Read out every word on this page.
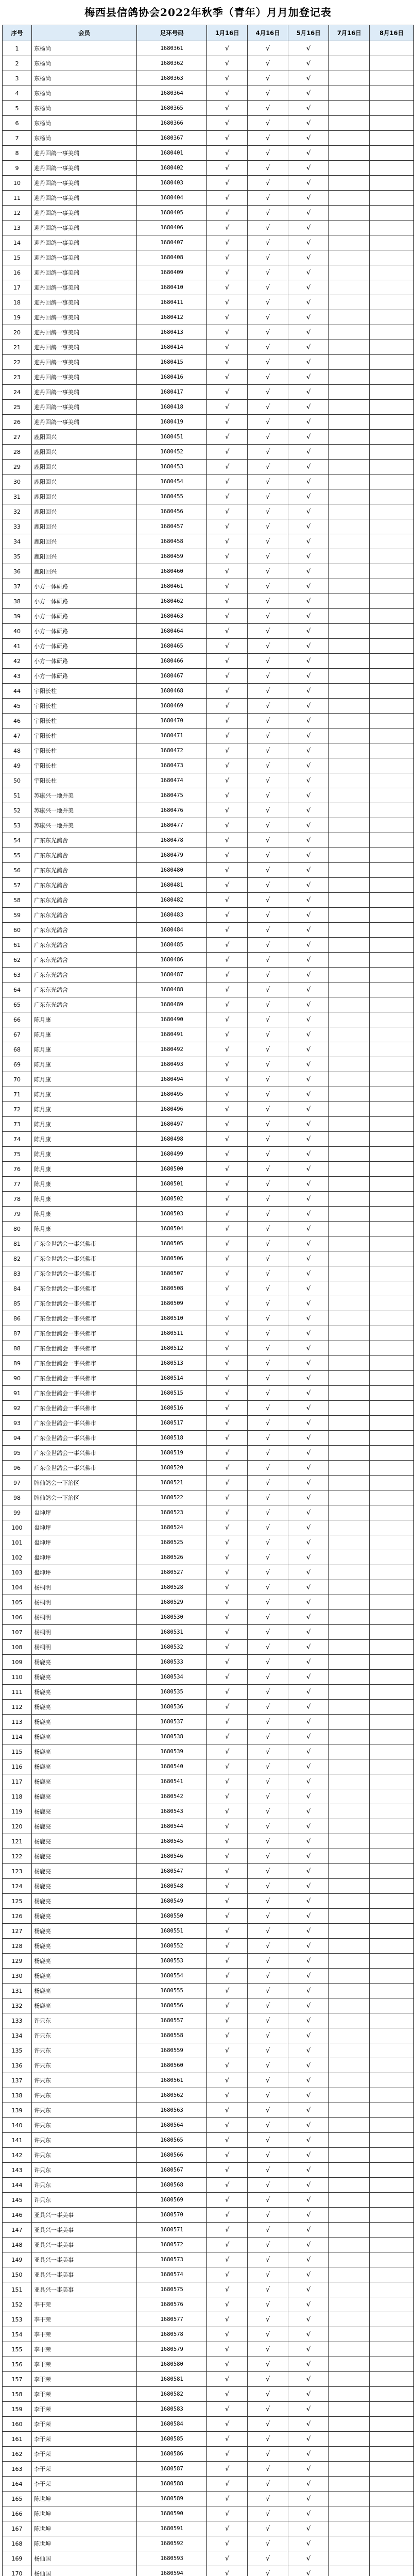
梅西县信鸽协会2022年秋季（青年）月月加登记表
序号	会员	足环号码	1月16日	4月16日	5月16日	7月16日	8月16日
1	东杨尚	1680361	√	√	√		
2	东杨尚	1680362	√	√	√		
3	东杨尚	1680363	√	√	√		
4	东杨尚	1680364	√	√	√		
5	东杨尚	1680365	√	√	√		
6	东杨尚	1680366	√	√	√		
7	东杨尚	1680367	√	√	√		
8	迎丹回鸽一事美瑞	1680401	√	√	√		
9	迎丹回鸽一事美瑞	1680402	√	√	√		
10	迎丹回鸽一事美瑞	1680403	√	√	√		
11	迎丹回鸽一事美瑞	1680404	√	√	√		
12	迎丹回鸽一事美瑞	1680405	√	√	√		
13	迎丹回鸽一事美瑞	1680406	√	√	√		
14	迎丹回鸽一事美瑞	1680407	√	√	√		
15	迎丹回鸽一事美瑞	1680408	√	√	√		
16	迎丹回鸽一事美瑞	1680409	√	√	√		
17	迎丹回鸽一事美瑞	1680410	√	√	√		
18	迎丹回鸽一事美瑞	1680411	√	√	√		
19	迎丹回鸽一事美瑞	1680412	√	√	√		
20	迎丹回鸽一事美瑞	1680413	√	√	√		
21	迎丹回鸽一事美瑞	1680414	√	√	√		
22	迎丹回鸽一事美瑞	1680415	√	√	√		
23	迎丹回鸽一事美瑞	1680416	√	√	√		
24	迎丹回鸽一事美瑞	1680417	√	√	√		
25	迎丹回鸽一事美瑞	1680418	√	√	√		
26	迎丹回鸽一事美瑞	1680419	√	√	√		
27	鹿阳回兴	1680451	√	√	√		
28	鹿阳回兴	1680452	√	√	√		
29	鹿阳回兴	1680453	√	√	√		
30	鹿阳回兴	1680454	√	√	√		
31	鹿阳回兴	1680455	√	√	√		
32	鹿阳回兴	1680456	√	√	√		
33	鹿阳回兴	1680457	√	√	√		
34	鹿阳回兴	1680458	√	√	√		
35	鹿阳回兴	1680459	√	√	√		
36	鹿阳回兴	1680460	√	√	√		
37	小方一体研路	1680461	√	√	√		
38	小方一体研路	1680462	√	√	√		
39	小方一体研路	1680463	√	√	√		
40	小方一体研路	1680464	√	√	√		
41	小方一体研路	1680465	√	√	√		
42	小方一体研路	1680466	√	√	√		
43	小方一体研路	1680467	√	√	√		
44	宇阳长柱	1680468	√	√	√		
45	宇阳长柱	1680469	√	√	√		
46	宇阳长柱	1680470	√	√	√		
47	宇阳长柱	1680471	√	√	√		
48	宇阳长柱	1680472	√	√	√		
49	宇阳长柱	1680473	√	√	√		
50	宇阳长柱	1680474	√	√	√		
51	苏康兴一地并美	1680475	√	√	√		
52	苏康兴一地并美	1680476	√	√	√		
53	苏康兴一地并美	1680477	√	√	√		
54	广东东光鸽舍	1680478	√	√	√		
55	广东东光鸽舍	1680479	√	√	√		
56	广东东光鸽舍	1680480	√	√	√		
57	广东东光鸽舍	1680481	√	√	√		
58	广东东光鸽舍	1680482	√	√	√		
59	广东东光鸽舍	1680483	√	√	√		
60	广东东光鸽舍	1680484	√	√	√		
61	广东东光鸽舍	1680485	√	√	√		
62	广东东光鸽舍	1680486	√	√	√		
63	广东东光鸽舍	1680487	√	√	√		
64	广东东光鸽舍	1680488	√	√	√		
65	广东东光鸽舍	1680489	√	√	√		
66	陈月康	1680490	√	√	√		
67	陈月康	1680491	√	√	√		
68	陈月康	1680492	√	√	√		
69	陈月康	1680493	√	√	√		
70	陈月康	1680494	√	√	√		
71	陈月康	1680495	√	√	√		
72	陈月康	1680496	√	√	√		
73	陈月康	1680497	√	√	√		
74	陈月康	1680498	√	√	√		
75	陈月康	1680499	√	√	√		
76	陈月康	1680500	√	√	√		
77	陈月康	1680501	√	√	√		
78	陈月康	1680502	√	√	√		
79	陈月康	1680503	√	√	√		
80	陈月康	1680504	√	√	√		
81	广东金世鸽会一事兴佛市	1680505	√	√	√		
82	广东金世鸽会一事兴佛市	1680506	√	√	√		
83	广东金世鸽会一事兴佛市	1680507	√	√	√		
84	广东金世鸽会一事兴佛市	1680508	√	√	√		
85	广东金世鸽会一事兴佛市	1680509	√	√	√		
86	广东金世鸽会一事兴佛市	1680510	√	√	√		
87	广东金世鸽会一事兴佛市	1680511	√	√	√		
88	广东金世鸽会一事兴佛市	1680512	√	√	√		
89	广东金世鸽会一事兴佛市	1680513	√	√	√		
90	广东金世鸽会一事兴佛市	1680514	√	√	√		
91	广东金世鸽会一事兴佛市	1680515	√	√	√		
92	广东金世鸽会一事兴佛市	1680516	√	√	√		
93	广东金世鸽会一事兴佛市	1680517	√	√	√		
94	广东金世鸽会一事兴佛市	1680518	√	√	√		
95	广东金世鸽会一事兴佛市	1680519	√	√	√		
96	广东金世鸽会一事兴佛市	1680520	√	√	√		
97	牌仙鸽会一下治区	1680521	√	√	√		
98	牌仙鸽会一下治区	1680522	√	√	√		
99	蛊坤坪	1680523	√	√	√		
100	蛊坤坪	1680524	√	√	√		
101	蛊坤坪	1680525	√	√	√		
102	蛊坤坪	1680526	√	√	√		
103	蛊坤坪	1680527	√	√	√		
104	杨桐明	1680528	√	√	√		
105	杨桐明	1680529	√	√	√		
106	杨桐明	1680530	√	√	√		
107	杨桐明	1680531	√	√	√		
108	杨桐明	1680532	√	√	√		
109	杨鹿亮	1680533	√	√	√		
110	杨鹿亮	1680534	√	√	√		
111	杨鹿亮	1680535	√	√	√		
112	杨鹿亮	1680536	√	√	√		
113	杨鹿亮	1680537	√	√	√		
114	杨鹿亮	1680538	√	√	√		
115	杨鹿亮	1680539	√	√	√		
116	杨鹿亮	1680540	√	√	√		
117	杨鹿亮	1680541	√	√	√		
118	杨鹿亮	1680542	√	√	√		
119	杨鹿亮	1680543	√	√	√		
120	杨鹿亮	1680544	√	√	√		
121	杨鹿亮	1680545	√	√	√		
122	杨鹿亮	1680546	√	√	√		
123	杨鹿亮	1680547	√	√	√		
124	杨鹿亮	1680548	√	√	√		
125	杨鹿亮	1680549	√	√	√		
126	杨鹿亮	1680550	√	√	√		
127	杨鹿亮	1680551	√	√	√		
128	杨鹿亮	1680552	√	√	√		
129	杨鹿亮	1680553	√	√	√		
130	杨鹿亮	1680554	√	√	√		
131	杨鹿亮	1680555	√	√	√		
132	杨鹿亮	1680556	√	√	√		
133	许只东	1680557	√	√	√		
134	许只东	1680558	√	√	√		
135	许只东	1680559	√	√	√		
136	许只东	1680560	√	√	√		
137	许只东	1680561	√	√	√		
138	许只东	1680562	√	√	√		
139	许只东	1680563	√	√	√		
140	许只东	1680564	√	√	√		
141	许只东	1680565	√	√	√		
142	许只东	1680566	√	√	√		
143	许只东	1680567	√	√	√		
144	许只东	1680568	√	√	√		
145	许只东	1680569	√	√	√		
146	亚具兴一事美事	1680570	√	√	√		
147	亚具兴一事美事	1680571	√	√	√		
148	亚具兴一事美事	1680572	√	√	√		
149	亚具兴一事美事	1680573	√	√	√		
150	亚具兴一事美事	1680574	√	√	√		
151	亚具兴一事美事	1680575	√	√	√		
152	李干荣	1680576	√	√	√		
153	李干荣	1680577	√	√	√		
154	李干荣	1680578	√	√	√		
155	李干荣	1680579	√	√	√		
156	李干荣	1680580	√	√	√		
157	李干荣	1680581	√	√	√		
158	李干荣	1680582	√	√	√		
159	李干荣	1680583	√	√	√		
160	李干荣	1680584	√	√	√		
161	李干荣	1680585	√	√	√		
162	李干荣	1680586	√	√	√		
163	李干荣	1680587	√	√	√		
164	李干荣	1680588	√	√	√		
165	陈世坤	1680589	√	√	√		
166	陈世坤	1680590	√	√	√		
167	陈世坤	1680591	√	√	√		
168	陈世坤	1680592	√	√	√		
169	杨仙国	1680593	√	√	√		
170	杨仙国	1680594	√	√	√		
